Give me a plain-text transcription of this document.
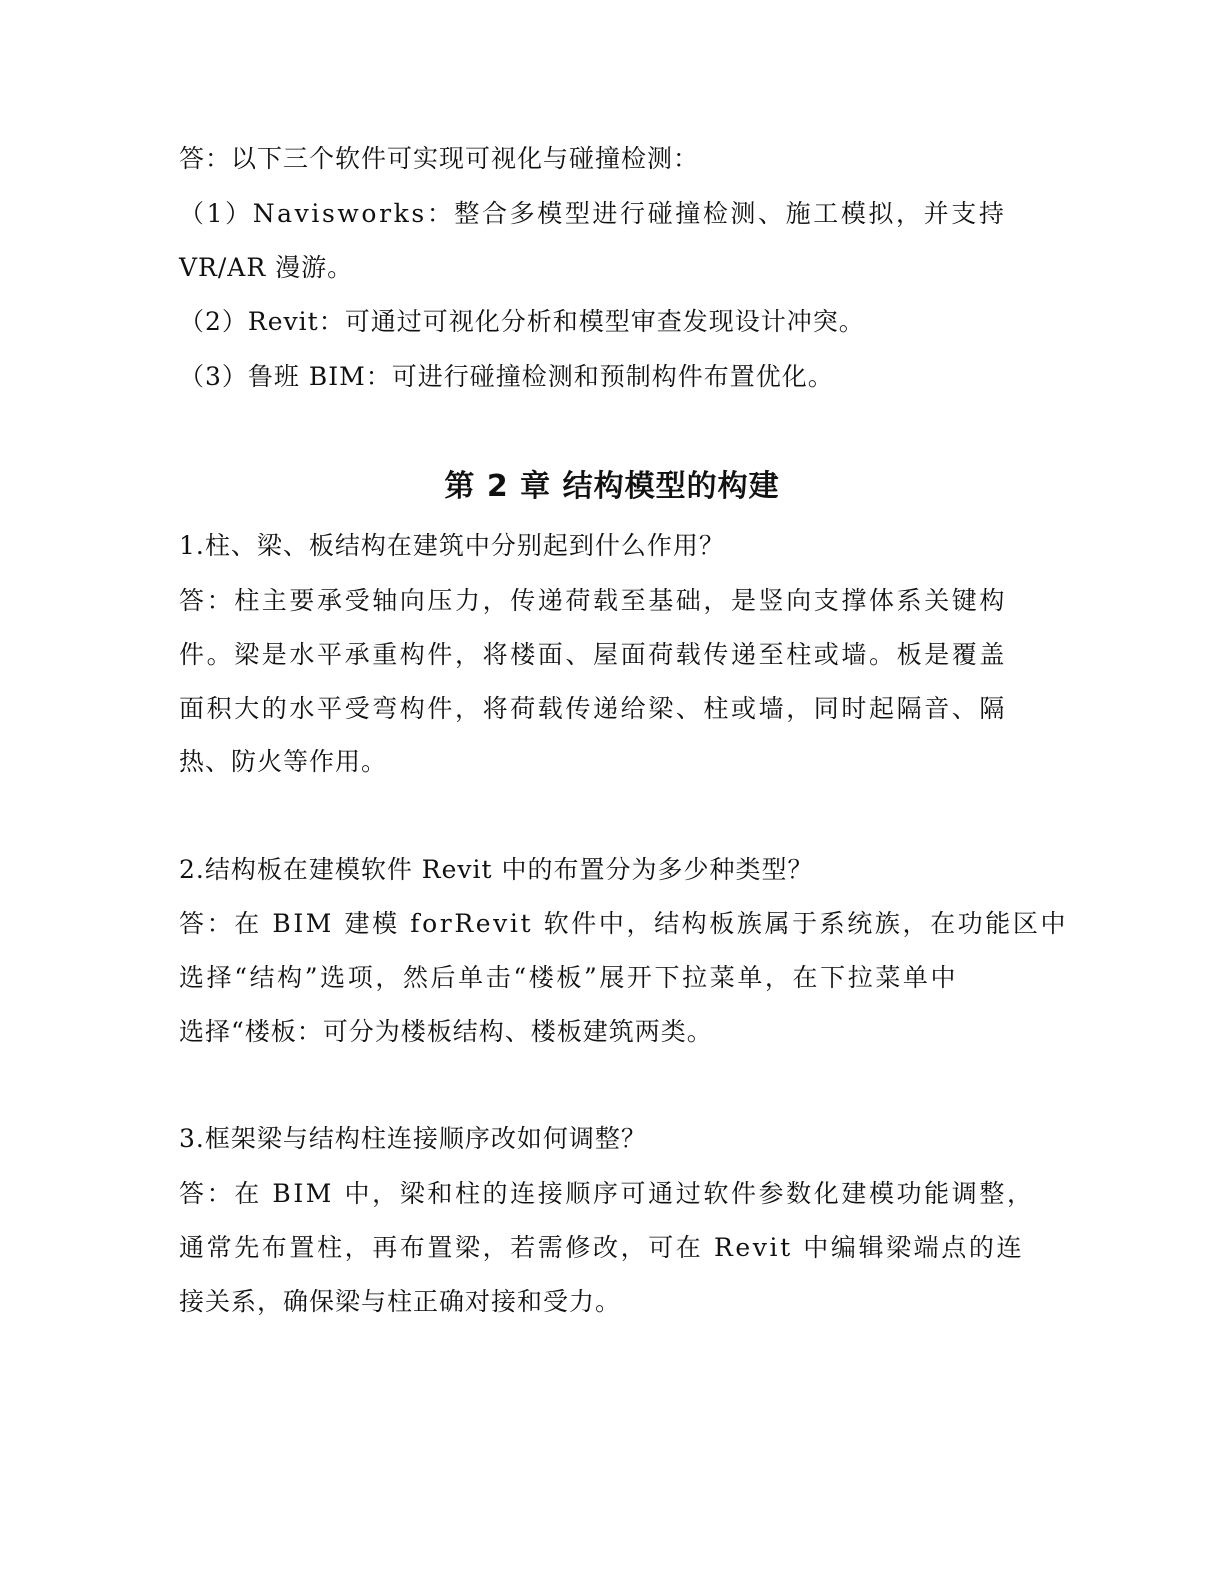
答：以下三个软件可实现可视化与碰撞检测：
（1）Navisworks：整合多模型进行碰撞检测、施工模拟，并支持
VR/AR 漫游。
（2）Revit：可通过可视化分析和模型审查发现设计冲突。
（3）鲁班 BIM：可进行碰撞检测和预制构件布置优化。
第 2 章 结构模型的构建
1.柱、梁、板结构在建筑中分别起到什么作用？
答：柱主要承受轴向压力，传递荷载至基础，是竖向支撑体系关键构
件。梁是水平承重构件，将楼面、屋面荷载传递至柱或墙。板是覆盖
面积大的水平受弯构件，将荷载传递给梁、柱或墙，同时起隔音、隔
热、防火等作用。
2.结构板在建模软件 Revit 中的布置分为多少种类型？
答：在 BIM 建模 forRevit 软件中，结构板族属于系统族，在功能区中
选择“结构”选项，然后单击“楼板”展开下拉菜单，在下拉菜单中
选择“楼板：可分为楼板结构、楼板建筑两类。
3.框架梁与结构柱连接顺序改如何调整？
答：在 BIM 中，梁和柱的连接顺序可通过软件参数化建模功能调整，
通常先布置柱，再布置梁，若需修改，可在 Revit 中编辑梁端点的连
接关系，确保梁与柱正确对接和受力。
